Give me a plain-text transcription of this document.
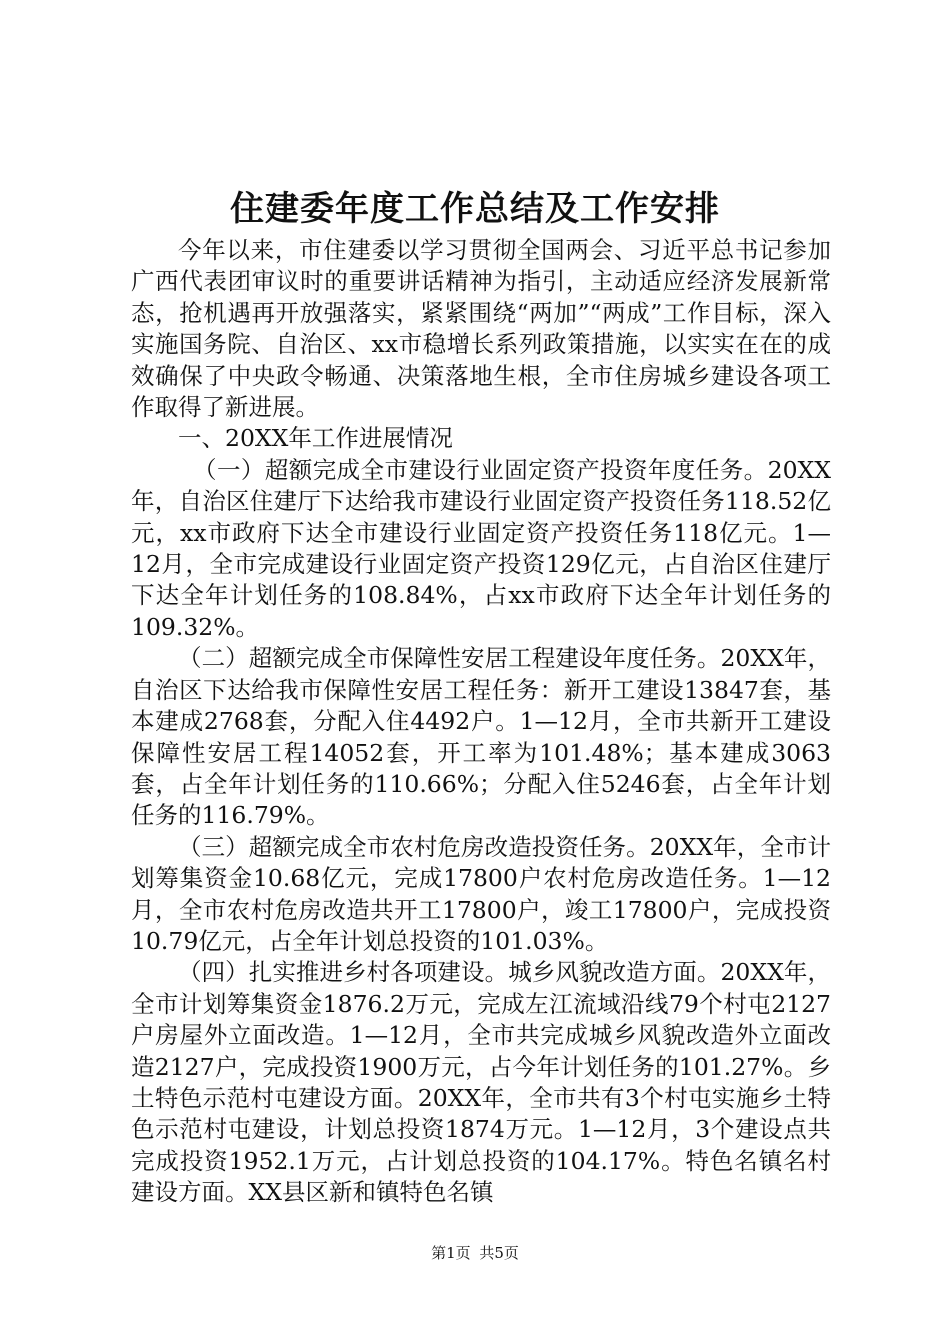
住建委年度工作总结及工作安排

今年以来，市住建委以学习贯彻全国两会、习近平总书记参加广西代表团审议时的重要讲话精神为指引，主动适应经济发展新常态，抢机遇再开放强落实，紧紧围绕“两加”“两成”工作目标，深入实施国务院、自治区、xx市稳增长系列政策措施，以实实在在的成效确保了中央政令畅通、决策落地生根，全市住房城乡建设各项工作取得了新进展。

一、20XX年工作进展情况

（一）超额完成全市建设行业固定资产投资年度任务。20XX年，自治区住建厅下达给我市建设行业固定资产投资任务118.52亿元，xx市政府下达全市建设行业固定资产投资任务118亿元。1—12月，全市完成建设行业固定资产投资129亿元，占自治区住建厅下达全年计划任务的108.84%，占xx市政府下达全年计划任务的109.32%。

（二）超额完成全市保障性安居工程建设年度任务。20XX年，自治区下达给我市保障性安居工程任务：新开工建设13847套，基本建成2768套，分配入住4492户。1—12月，全市共新开工建设保障性安居工程14052套，开工率为101.48%；基本建成3063套，占全年计划任务的110.66%；分配入住5246套，占全年计划任务的116.79%。

（三）超额完成全市农村危房改造投资任务。20XX年，全市计划筹集资金10.68亿元，完成17800户农村危房改造任务。1—12月，全市农村危房改造共开工17800户，竣工17800户，完成投资10.79亿元，占全年计划总投资的101.03%。

（四）扎实推进乡村各项建设。城乡风貌改造方面。20XX年，全市计划筹集资金1876.2万元，完成左江流域沿线79个村屯2127户房屋外立面改造。1—12月，全市共完成城乡风貌改造外立面改造2127户，完成投资1900万元，占今年计划任务的101.27%。乡土特色示范村屯建设方面。20XX年，全市共有3个村屯实施乡土特色示范村屯建设，计划总投资1874万元。1—12月，3个建设点共完成投资1952.1万元，占计划总投资的104.17%。特色名镇名村建设方面。XX县区新和镇特色名镇

第1页 共5页
